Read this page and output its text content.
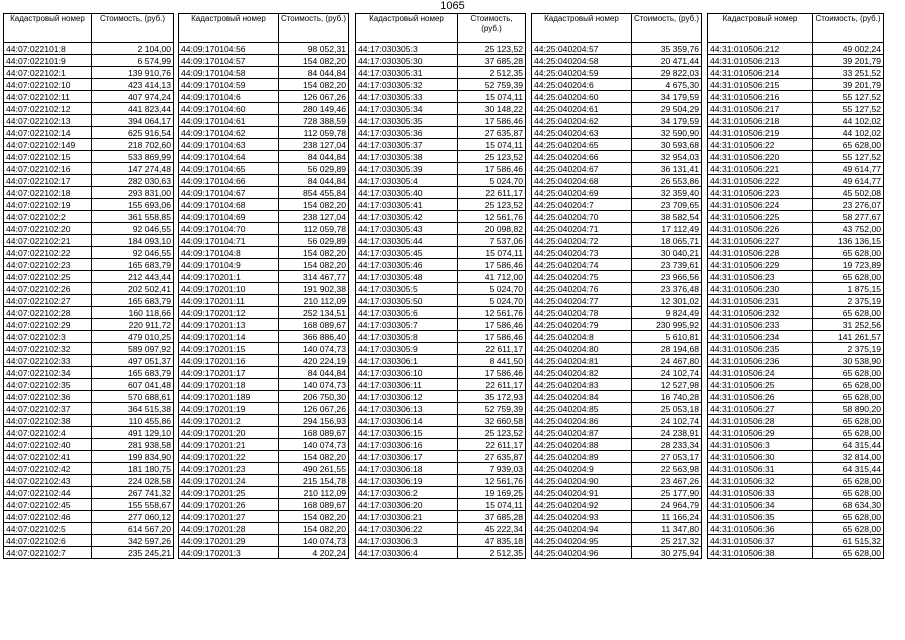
1065
Кадастровый номер	Стоимость, (руб.)
44:07:022101:8	2 104,00
44:07:022101:9	6 574,99
44:07:022102:1	139 910,76
44:07:022102:10	423 414,13
44:07:022102:11	407 974,24
44:07:022102:12	441 823,44
44:07:022102:13	394 064,17
44:07:022102:14	625 916,54
44:07:022102:149	218 702,60
44:07:022102:15	533 869,99
44:07:022102:16	147 274,48
44:07:022102:17	282 030,63
44:07:022102:18	293 831,00
44:07:022102:19	155 693,06
44:07:022102:2	361 558,85
44:07:022102:20	92 046,55
44:07:022102:21	184 093,10
44:07:022102:22	92 046,55
44:07:022102:23	165 683,79
44:07:022102:25	212 443,44
44:07:022102:26	202 502,41
44:07:022102:27	165 683,79
44:07:022102:28	160 118,66
44:07:022102:29	220 911,72
44:07:022102:3	479 010,25
44:07:022102:32	589 097,92
44:07:022102:33	497 051,37
44:07:022102:34	165 683,79
44:07:022102:35	607 041,48
44:07:022102:36	570 688,61
44:07:022102:37	364 515,38
44:07:022102:38	110 455,86
44:07:022102:4	491 129,10
44:07:022102:40	281 938,58
44:07:022102:41	199 834,90
44:07:022102:42	181 180,75
44:07:022102:43	224 028,58
44:07:022102:44	267 741,32
44:07:022102:45	155 558,67
44:07:022102:46	277 060,12
44:07:022102:5	614 567,20
44:07:022102:6	342 597,26
44:07:022102:7	235 245,21
Кадастровый номер	Стоимость, (руб.)
44:09:170104:56	98 052,31
44:09:170104:57	154 082,20
44:09:170104:58	84 044,84
44:09:170104:59	154 082,20
44:09:170104:6	126 067,26
44:09:170104:60	280 149,46
44:09:170104:61	728 388,59
44:09:170104:62	112 059,78
44:09:170104:63	238 127,04
44:09:170104:64	84 044,84
44:09:170104:65	56 029,89
44:09:170104:66	84 044,84
44:09:170104:67	854 455,84
44:09:170104:68	154 082,20
44:09:170104:69	238 127,04
44:09:170104:70	112 059,78
44:09:170104:71	56 029,89
44:09:170104:8	154 082,20
44:09:170104:9	154 082,20
44:09:170201:1	314 467,77
44:09:170201:10	191 902,38
44:09:170201:11	210 112,09
44:09:170201:12	252 134,51
44:09:170201:13	168 089,67
44:09:170201:14	366 886,40
44:09:170201:15	140 074,73
44:09:170201:16	420 224,19
44:09:170201:17	84 044,84
44:09:170201:18	140 074,73
44:09:170201:189	206 750,30
44:09:170201:19	126 067,26
44:09:170201:2	294 156,93
44:09:170201:20	168 089,67
44:09:170201:21	140 074,73
44:09:170201:22	154 082,20
44:09:170201:23	490 261,55
44:09:170201:24	215 154,78
44:09:170201:25	210 112,09
44:09:170201:26	168 089,67
44:09:170201:27	154 082,20
44:09:170201:28	154 082,20
44:09:170201:29	140 074,73
44:09:170201:3	4 202,24
Кадастровый номер	Стоимость, (руб.)
44:17:030305:3	25 123,52
44:17:030305:30	37 685,28
44:17:030305:31	2 512,35
44:17:030305:32	52 759,39
44:17:030305:33	15 074,11
44:17:030305:34	30 148,22
44:17:030305:35	17 586,46
44:17:030305:36	27 635,87
44:17:030305:37	15 074,11
44:17:030305:38	25 123,52
44:17:030305:39	17 586,46
44:17:030305:4	5 024,70
44:17:030305:40	22 611,17
44:17:030305:41	25 123,52
44:17:030305:42	12 561,76
44:17:030305:43	20 098,82
44:17:030305:44	7 537,06
44:17:030305:45	15 074,11
44:17:030305:46	17 586,46
44:17:030305:48	41 712,00
44:17:030305:5	5 024,70
44:17:030305:50	5 024,70
44:17:030305:6	12 561,76
44:17:030305:7	17 586,46
44:17:030305:8	17 586,46
44:17:030305:9	22 611,17
44:17:030306:1	8 441,50
44:17:030306:10	17 586,46
44:17:030306:11	22 611,17
44:17:030306:12	35 172,93
44:17:030306:13	52 759,39
44:17:030306:14	32 660,58
44:17:030306:15	25 123,52
44:17:030306:16	22 611,17
44:17:030306:17	27 635,87
44:17:030306:18	7 939,03
44:17:030306:19	12 561,76
44:17:030306:2	19 169,25
44:17:030306:20	15 074,11
44:17:030306:21	37 685,28
44:17:030306:22	45 222,34
44:17:030306:3	47 835,18
44:17:030306:4	2 512,35
Кадастровый номер	Стоимость, (руб.)
44:25:040204:57	35 359,76
44:25:040204:58	20 471,44
44:25:040204:59	29 822,03
44:25:040204:6	4 675,30
44:25:040204:60	34 179,59
44:25:040204:61	29 504,29
44:25:040204:62	34 179,59
44:25:040204:63	32 590,90
44:25:040204:65	30 593,68
44:25:040204:66	32 954,03
44:25:040204:67	36 131,41
44:25:040204:68	26 553,86
44:25:040204:69	32 359,40
44:25:040204:7	23 709,65
44:25:040204:70	38 582,54
44:25:040204:71	17 112,49
44:25:040204:72	18 065,71
44:25:040204:73	30 040,21
44:25:040204:74	23 739,61
44:25:040204:75	23 966,56
44:25:040204:76	23 376,48
44:25:040204:77	12 301,02
44:25:040204:78	9 824,49
44:25:040204:79	230 995,92
44:25:040204:8	5 610,81
44:25:040204:80	28 194,68
44:25:040204:81	24 467,80
44:25:040204:82	24 102,74
44:25:040204:83	12 527,98
44:25:040204:84	16 740,28
44:25:040204:85	25 053,18
44:25:040204:86	24 102,74
44:25:040204:87	24 238,91
44:25:040204:88	28 233,34
44:25:040204:89	27 053,17
44:25:040204:9	22 563,98
44:25:040204:90	23 467,26
44:25:040204:91	25 177,90
44:25:040204:92	24 964,79
44:25:040204:93	11 166,24
44:25:040204:94	11 347,80
44:25:040204:95	25 217,32
44:25:040204:96	30 275,94
Кадастровый номер	Стоимость, (руб.)
44:31:010506:212	49 002,24
44:31:010506:213	39 201,79
44:31:010506:214	33 251,52
44:31:010506:215	39 201,79
44:31:010506:216	55 127,52
44:31:010506:217	55 127,52
44:31:010506:218	44 102,02
44:31:010506:219	44 102,02
44:31:010506:22	65 628,00
44:31:010506:220	55 127,52
44:31:010506:221	49 614,77
44:31:010506:222	49 614,77
44:31:010506:223	45 502,08
44:31:010506:224	23 276,07
44:31:010506:225	58 277,67
44:31:010506:226	43 752,00
44:31:010506:227	136 136,15
44:31:010506:228	65 628,00
44:31:010506:229	19 723,89
44:31:010506:23	65 628,00
44:31:010506:230	1 875,15
44:31:010506:231	2 375,19
44:31:010506:232	65 628,00
44:31:010506:233	31 252,56
44:31:010506:234	141 261,57
44:31:010506:235	2 375,19
44:31:010506:236	30 538,90
44:31:010506:24	65 628,00
44:31:010506:25	65 628,00
44:31:010506:26	65 628,00
44:31:010506:27	58 890,20
44:31:010506:28	65 628,00
44:31:010506:29	65 628,00
44:31:010506:3	64 315,44
44:31:010506:30	32 814,00
44:31:010506:31	64 315,44
44:31:010506:32	65 628,00
44:31:010506:33	65 628,00
44:31:010506:34	68 634,30
44:31:010506:35	65 628,00
44:31:010506:36	65 628,00
44:31:010506:37	61 515,32
44:31:010506:38	65 628,00
